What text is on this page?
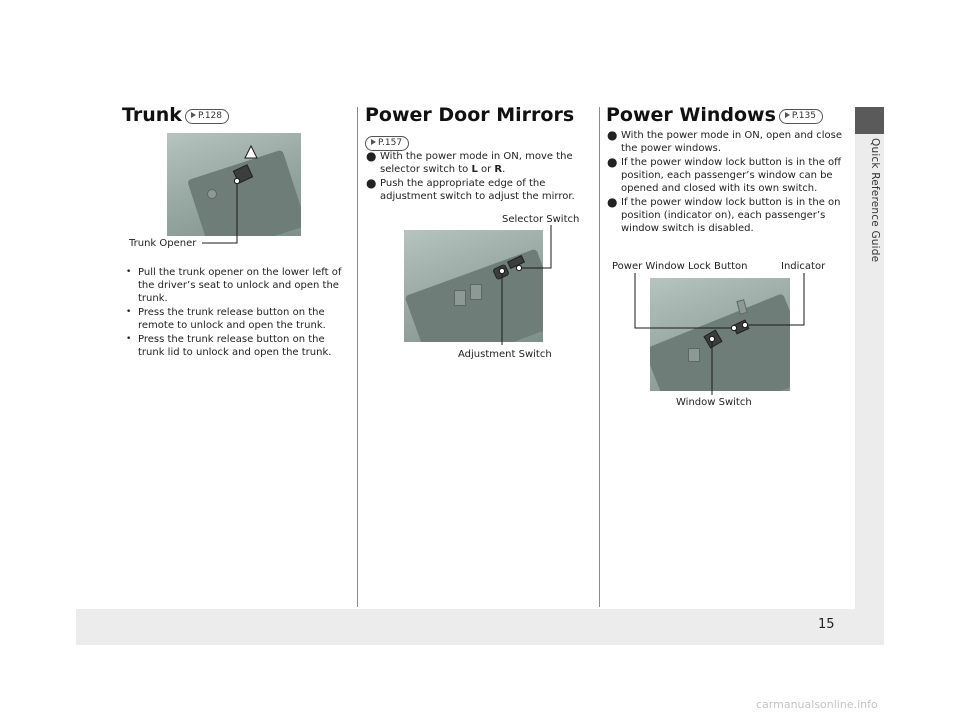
Quick Reference Guide
15
Trunk P.128
Trunk Opener
• Pull the trunk opener on the lower left of the driver’s seat to unlock and open the trunk.
• Press the trunk release button on the remote to unlock and open the trunk.
• Press the trunk release button on the trunk lid to unlock and open the trunk.
Power Door Mirrors
P.157
● With the power mode in ON, move the selector switch to L or R.
● Push the appropriate edge of the adjustment switch to adjust the mirror.
Selector Switch
Adjustment Switch
Power Windows P.135
● With the power mode in ON, open and close the power windows.
● If the power window lock button is in the off position, each passenger’s window can be opened and closed with its own switch.
● If the power window lock button is in the on position (indicator on), each passenger’s window switch is disabled.
Power Window Lock Button	Indicator
Window Switch
carmanualsonline.info
